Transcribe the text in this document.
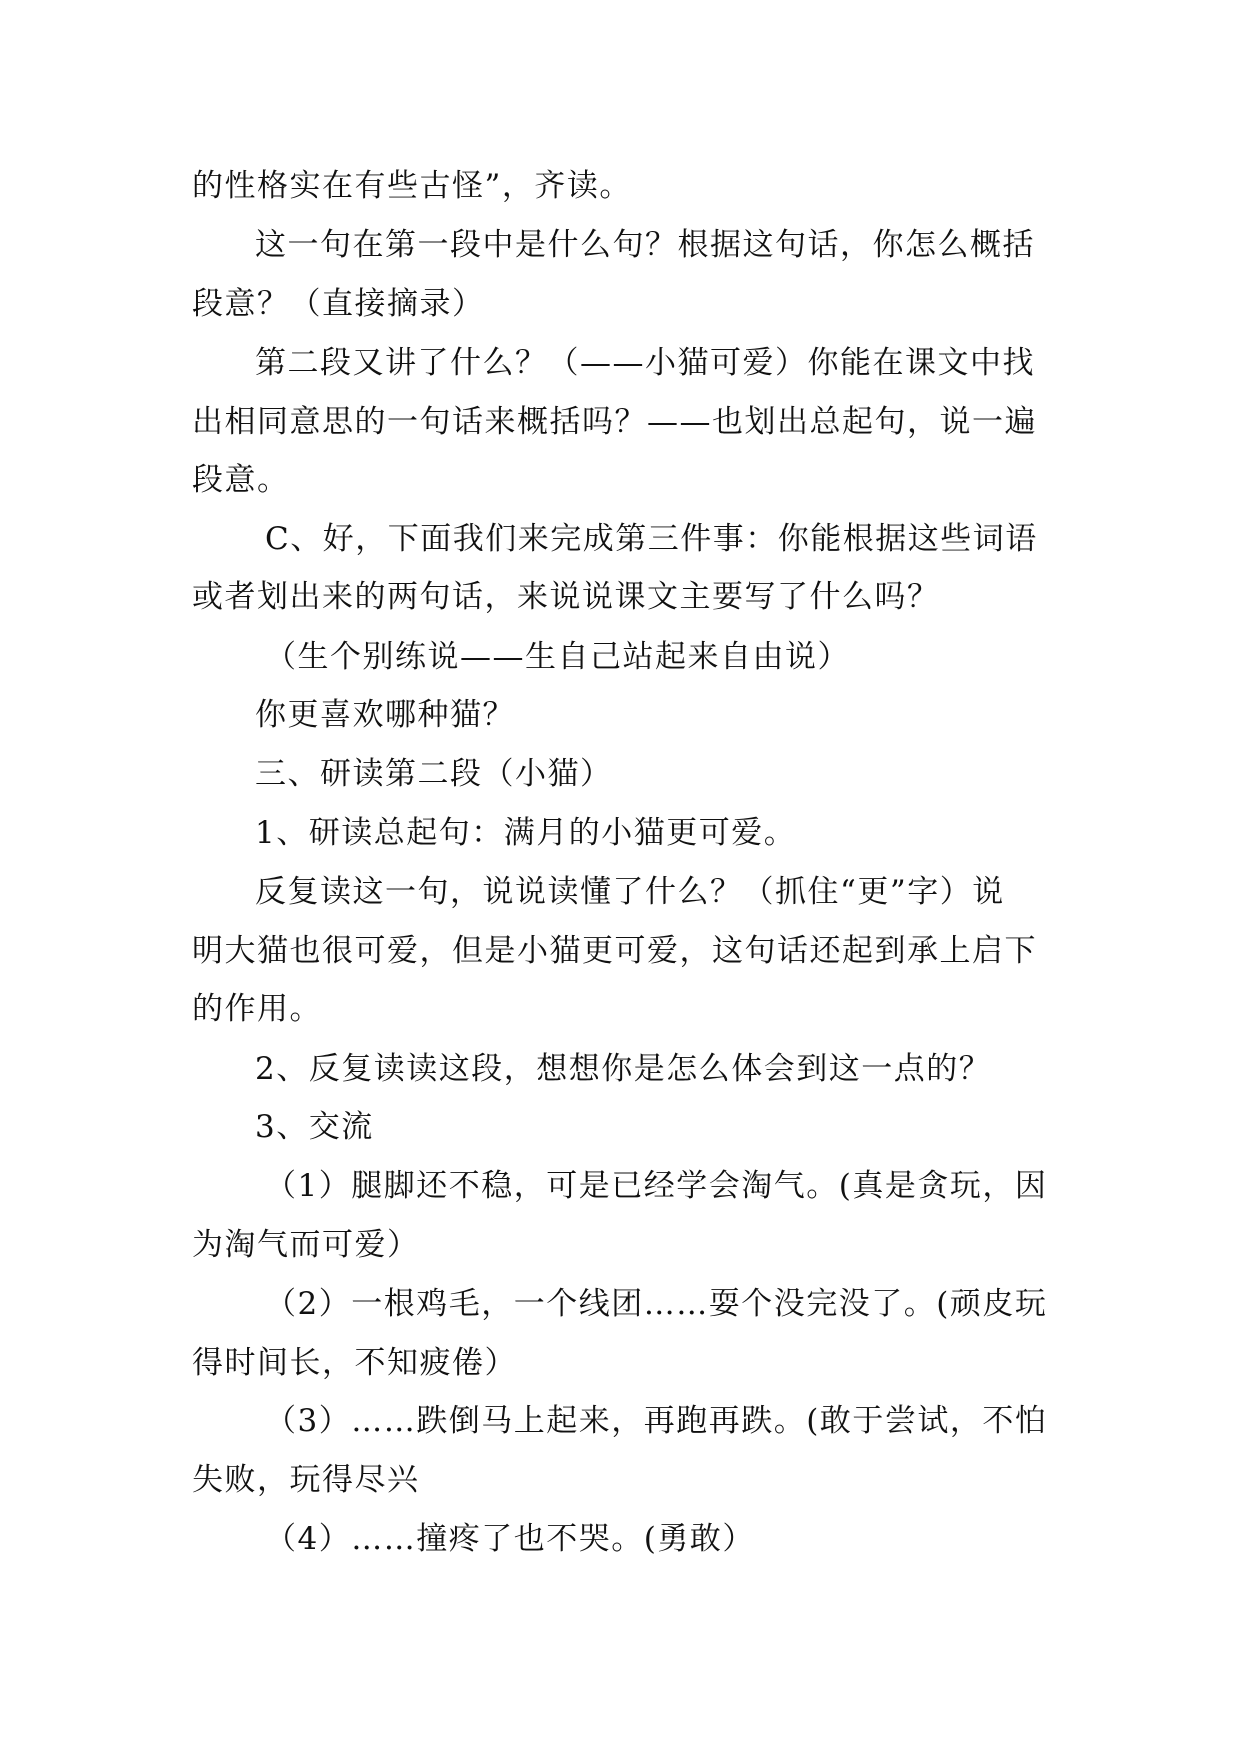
的性格实在有些古怪”，齐读。
这一句在第一段中是什么句？根据这句话，你怎么概括
段意？（直接摘录）
第二段又讲了什么？（——小猫可爱）你能在课文中找
出相同意思的一句话来概括吗？——也划出总起句，说一遍
段意。
C、好，下面我们来完成第三件事：你能根据这些词语
或者划出来的两句话，来说说课文主要写了什么吗？
（生个别练说——生自己站起来自由说）
你更喜欢哪种猫？
三、研读第二段（小猫）
1、研读总起句：满月的小猫更可爱。
反复读这一句，说说读懂了什么？（抓住“更”字）说
明大猫也很可爱，但是小猫更可爱，这句话还起到承上启下
的作用。
2、反复读读这段，想想你是怎么体会到这一点的？
3、交流
（1）腿脚还不稳，可是已经学会淘气。(真是贪玩，因
为淘气而可爱）
（2）一根鸡毛，一个线团……耍个没完没了。(顽皮玩
得时间长，不知疲倦）
（3）……跌倒马上起来，再跑再跌。(敢于尝试，不怕
失败，玩得尽兴
（4）……撞疼了也不哭。(勇敢）
